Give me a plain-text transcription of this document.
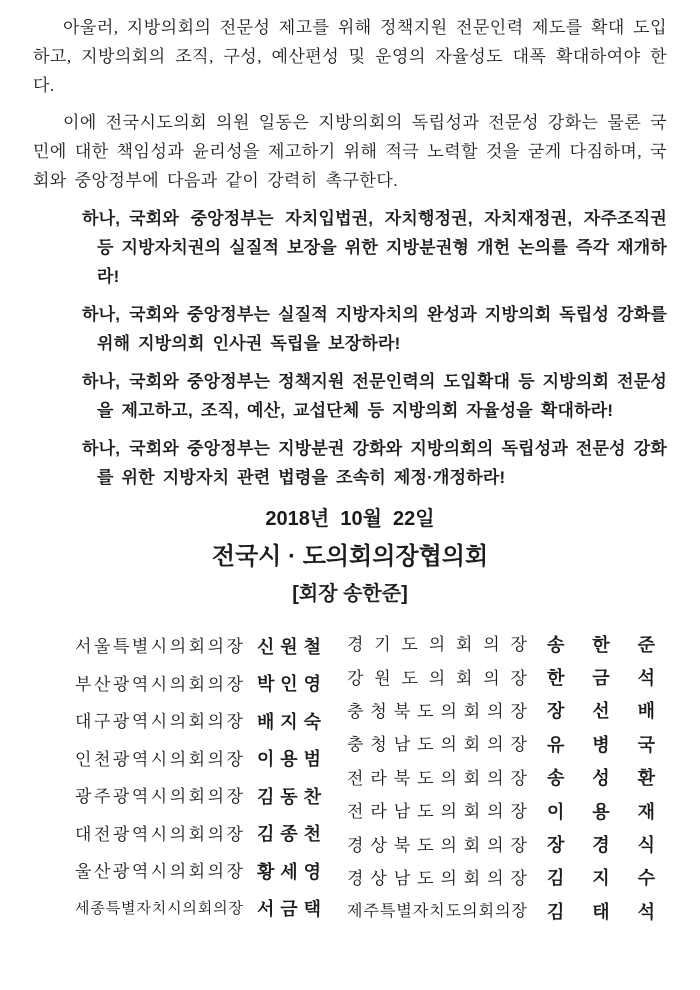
아울러, 지방의회의 전문성 제고를 위해 정책지원 전문인력 제도를 확대 도입하고, 지방의회의 조직, 구성, 예산편성 및 운영의 자율성도 대폭 확대하여야 한다.

이에 전국시도의회 의원 일동은 지방의회의 독립성과 전문성 강화는 물론 국민에 대한 책임성과 윤리성을 제고하기 위해 적극 노력할 것을 굳게 다짐하며, 국회와 중앙정부에 다음과 같이 강력히 촉구한다.

하나, 국회와 중앙정부는 자치입법권, 자치행정권, 자치재정권, 자주조직권 등 지방자치권의 실질적 보장을 위한 지방분권형 개헌 논의를 즉각 재개하라!
하나, 국회와 중앙정부는 실질적 지방자치의 완성과 지방의회 독립성 강화를 위해 지방의회 인사권 독립을 보장하라!
하나, 국회와 중앙정부는 정책지원 전문인력의 도입확대 등 지방의회 전문성을 제고하고, 조직, 예산, 교섭단체 등 지방의회 자율성을 확대하라!
하나, 국회와 중앙정부는 지방분권 강화와 지방의회의 독립성과 전문성 강화를 위한 지방자치 관련 법령을 조속히 제정·개정하라!
2018년  10월  22일
전국시 · 도의회의장협의회
[회장 송한준]
서 울 특 별 시 의 회 의 장 신 원 철
부 산 광 역 시 의 회 의 장 박 인 영
대 구 광 역 시 의 회 의 장 배 지 숙
인 천 광 역 시 의 회 의 장 이 용 범
광 주 광 역 시 의 회 의 장 김 동 찬
대 전 광 역 시 의 회 의 장 김 종 천
울 산 광 역 시 의 회 의 장 황 세 영
세 종 특 별 자 치 시 의 회 의 장 서 금 택
경 기 도 의 회 의 장 송 한 준
강 원 도 의 회 의 장 한 금 석
충 청 북 도 의 회 의 장 장 선 배
충 청 남 도 의 회 의 장 유 병 국
전 라 북 도 의 회 의 장 송 성 환
전 라 남 도 의 회 의 장 이 용 재
경 상 북 도 의 회 의 장 장 경 식
경 상 남 도 의 회 의 장 김 지 수
제 주 특 별 자 치 도 의 회 의 장 김 태 석
